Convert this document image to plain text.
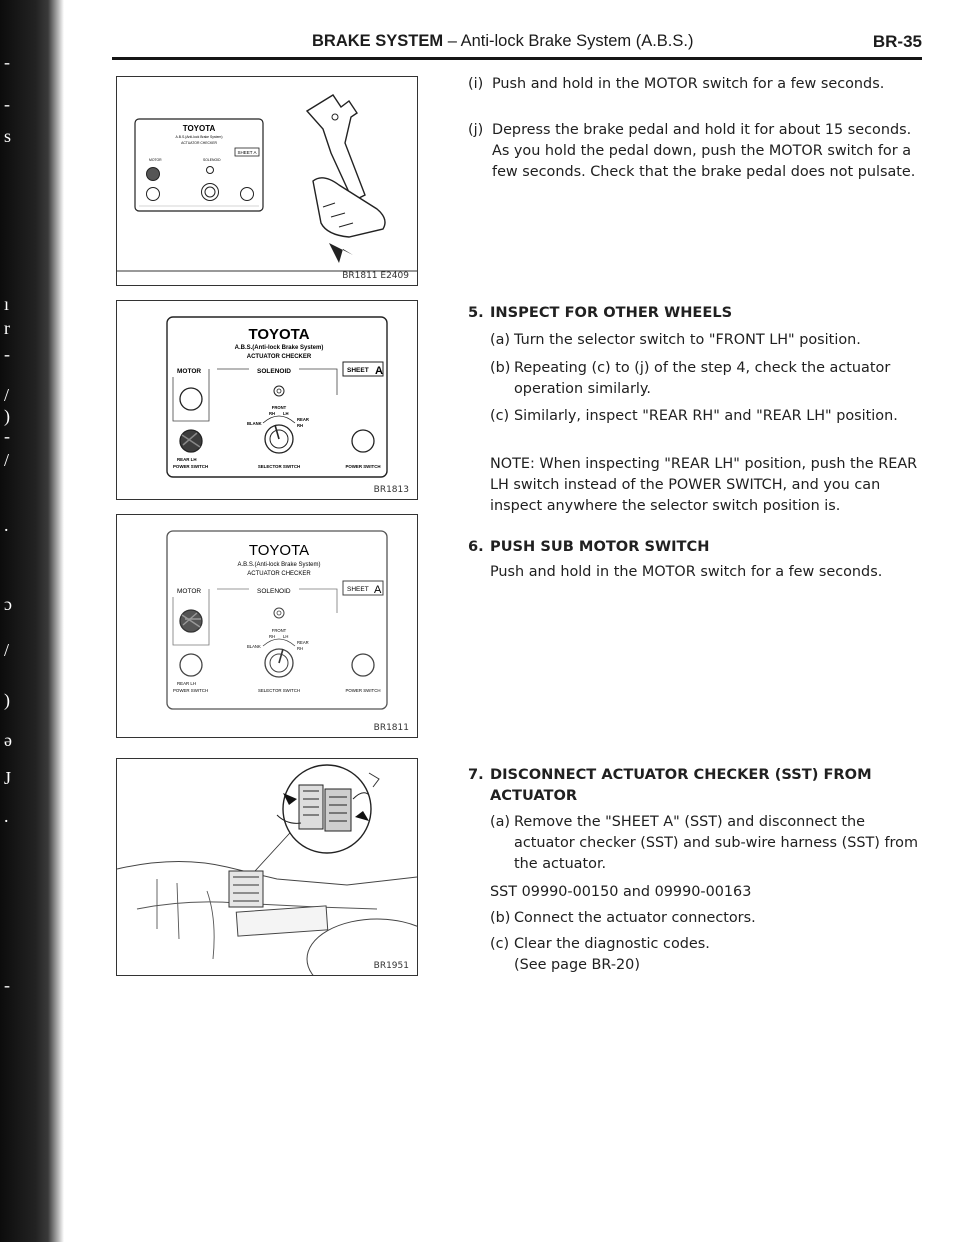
-
-
s
ı
r
-
/
)
-
/
.
ɔ
/
)
ə
J
.
-
BRAKE SYSTEM – Anti-lock Brake System (A.B.S.)	BR-35
TOYOTA
A.B.S.(Anti-lock Brake System)
ACTUATOR CHECKER
SHEET A
MOTOR	SOLENOID
BR1811 E2409
TOYOTA
A.B.S.(Anti-lock Brake System)
ACTUATOR CHECKER
SHEET A
MOTOR	SOLENOID
FRONT
RH LH
REAR
RH
BLANK
REAR LH
POWER SWITCH	SELECTOR SWITCH	POWER SWITCH
BR1813
TOYOTA
A.B.S.(Anti-lock Brake System)
ACTUATOR CHECKER
SHEET A
MOTOR	SOLENOID
FRONT
RH LH
REAR
RH
BLANK
REAR LH
POWER SWITCH	SELECTOR SWITCH	POWER SWITCH
BR1811
BR1951
(i) Push and hold in the MOTOR switch for a few seconds.
(j) Depress the brake pedal and hold it for about 15 seconds. As you hold the pedal down, push the MOTOR switch for a few seconds. Check that the brake pedal does not pulsate.
5. INSPECT FOR OTHER WHEELS
(a) Turn the selector switch to "FRONT LH" position.
(b) Repeating (c) to (j) of the step 4, check the actuator operation similarly.
(c) Similarly, inspect "REAR RH" and "REAR LH" position.
NOTE: When inspecting "REAR LH" position, push the REAR LH switch instead of the POWER SWITCH, and you can inspect anywhere the selector switch position is.
6. PUSH SUB MOTOR SWITCH
Push and hold in the MOTOR switch for a few seconds.
7. DISCONNECT ACTUATOR CHECKER (SST) FROM ACTUATOR
(a) Remove the "SHEET A" (SST) and disconnect the actuator checker (SST) and sub-wire harness (SST) from the actuator.
SST 09990-00150 and 09990-00163
(b) Connect the actuator connectors.
(c) Clear the diagnostic codes.
(See page BR-20)
